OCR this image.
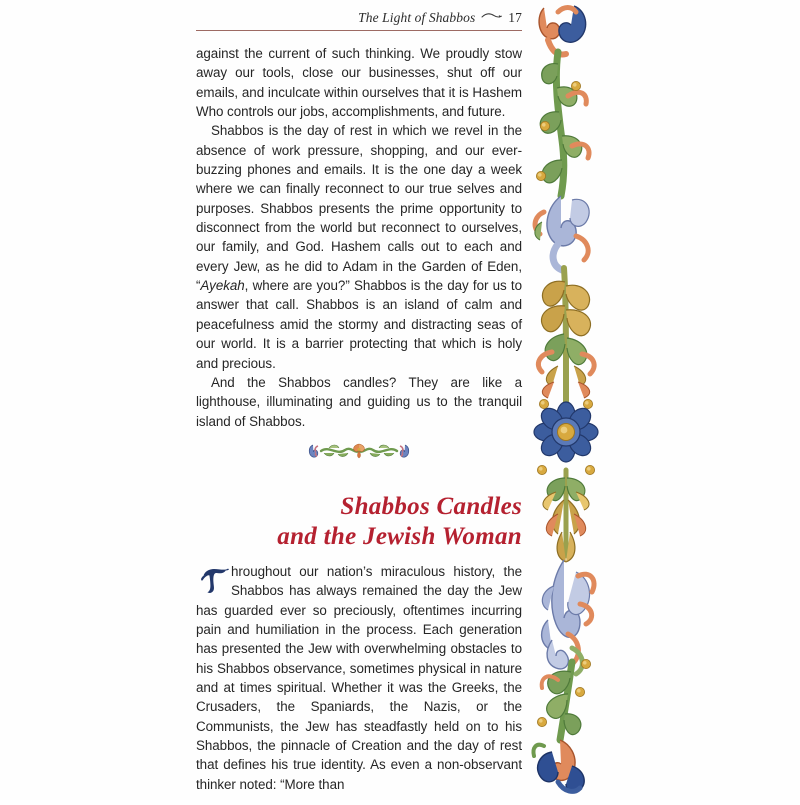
The Light of Shabbos 17

against the current of such thinking. We proudly stow away our tools, close our businesses, shut off our emails, and inculcate within ourselves that it is Hashem Who controls our jobs, accomplishments, and future.

Shabbos is the day of rest in which we revel in the absence of work pressure, shopping, and our ever-buzzing phones and emails. It is the one day a week where we can finally reconnect to our true selves and purposes. Shabbos presents the prime opportunity to disconnect from the world but reconnect to ourselves, our family, and God. Hashem calls out to each and every Jew, as he did to Adam in the Garden of Eden, “Ayekah, where are you?” Shabbos is the day for us to answer that call. Shabbos is an island of calm and peacefulness amid the stormy and distracting seas of our world. It is a barrier protecting that which is holy and precious.

And the Shabbos candles? They are like a lighthouse, illuminating and guiding us to the tranquil island of Shabbos.

Shabbos Candles
and the Jewish Woman

hroughout our nation’s miraculous history, the Shabbos has always remained the day the Jew has guarded ever so preciously, oftentimes incurring pain and humiliation in the process. Each generation has presented the Jew with overwhelming obstacles to his Shabbos observance, sometimes physical in nature and at times spiritual. Whether it was the Greeks, the Crusaders, the Spaniards, the Nazis, or the Communists, the Jew has steadfastly held on to his Shabbos, the pinnacle of Creation and the day of rest that defines his true identity. As even a non-observant thinker noted: “More than
